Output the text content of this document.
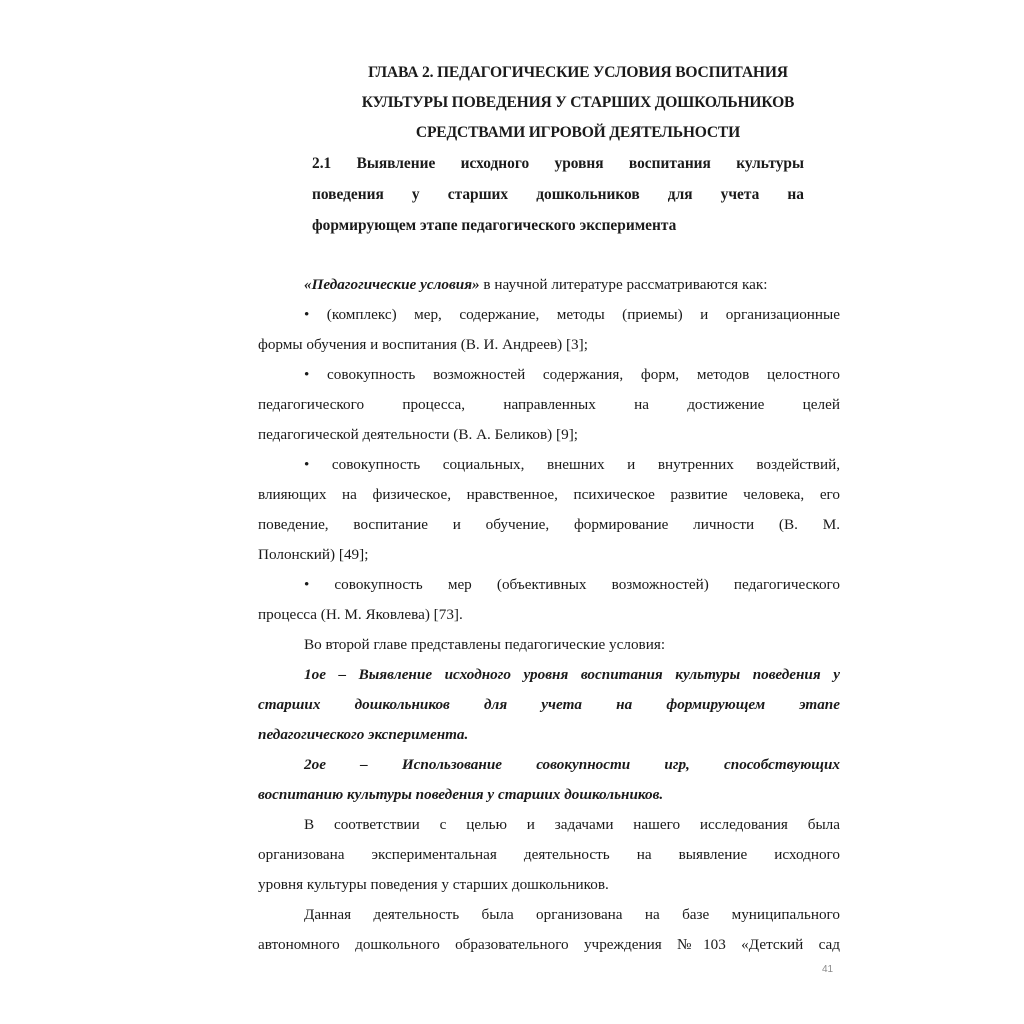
ГЛАВА 2. ПЕДАГОГИЧЕСКИЕ УСЛОВИЯ ВОСПИТАНИЯ
КУЛЬТУРЫ ПОВЕДЕНИЯ У СТАРШИХ ДОШКОЛЬНИКОВ
СРЕДСТВАМИ ИГРОВОЙ ДЕЯТЕЛЬНОСТИ
2.1 Выявление исходного уровня воспитания культуры
поведения у старших дошкольников для учета на
формирующем этапе педагогического эксперимента

«Педагогические условия» в научной литературе рассматриваются как:

• (комплекс) мер, содержание, методы (приемы) и организационные
формы обучения и воспитания (В. И. Андреев) [3];

• совокупность возможностей содержания, форм, методов целостного
педагогического процесса, направленных на достижение целей
педагогической деятельности (В. А. Беликов) [9];

• совокупность социальных, внешних и внутренних воздействий,
влияющих на физическое, нравственное, психическое развитие человека, его
поведение, воспитание и обучение, формирование личности (В. М.
Полонский) [49];

• совокупность мер (объективных возможностей) педагогического
процесса (Н. М. Яковлева) [73].

Во второй главе представлены педагогические условия:

1ое – Выявление исходного уровня воспитания культуры поведения у
старших дошкольников для учета на формирующем этапе
педагогического эксперимента.

2ое – Использование совокупности игр, способствующих
воспитанию культуры поведения у старших дошкольников.

В соответствии с целью и задачами нашего исследования была
организована экспериментальная деятельность на выявление исходного
уровня культуры поведения у старших дошкольников.

Данная деятельность была организована на базе муниципального
автономного дошкольного образовательного учреждения №103 «Детский сад

41
